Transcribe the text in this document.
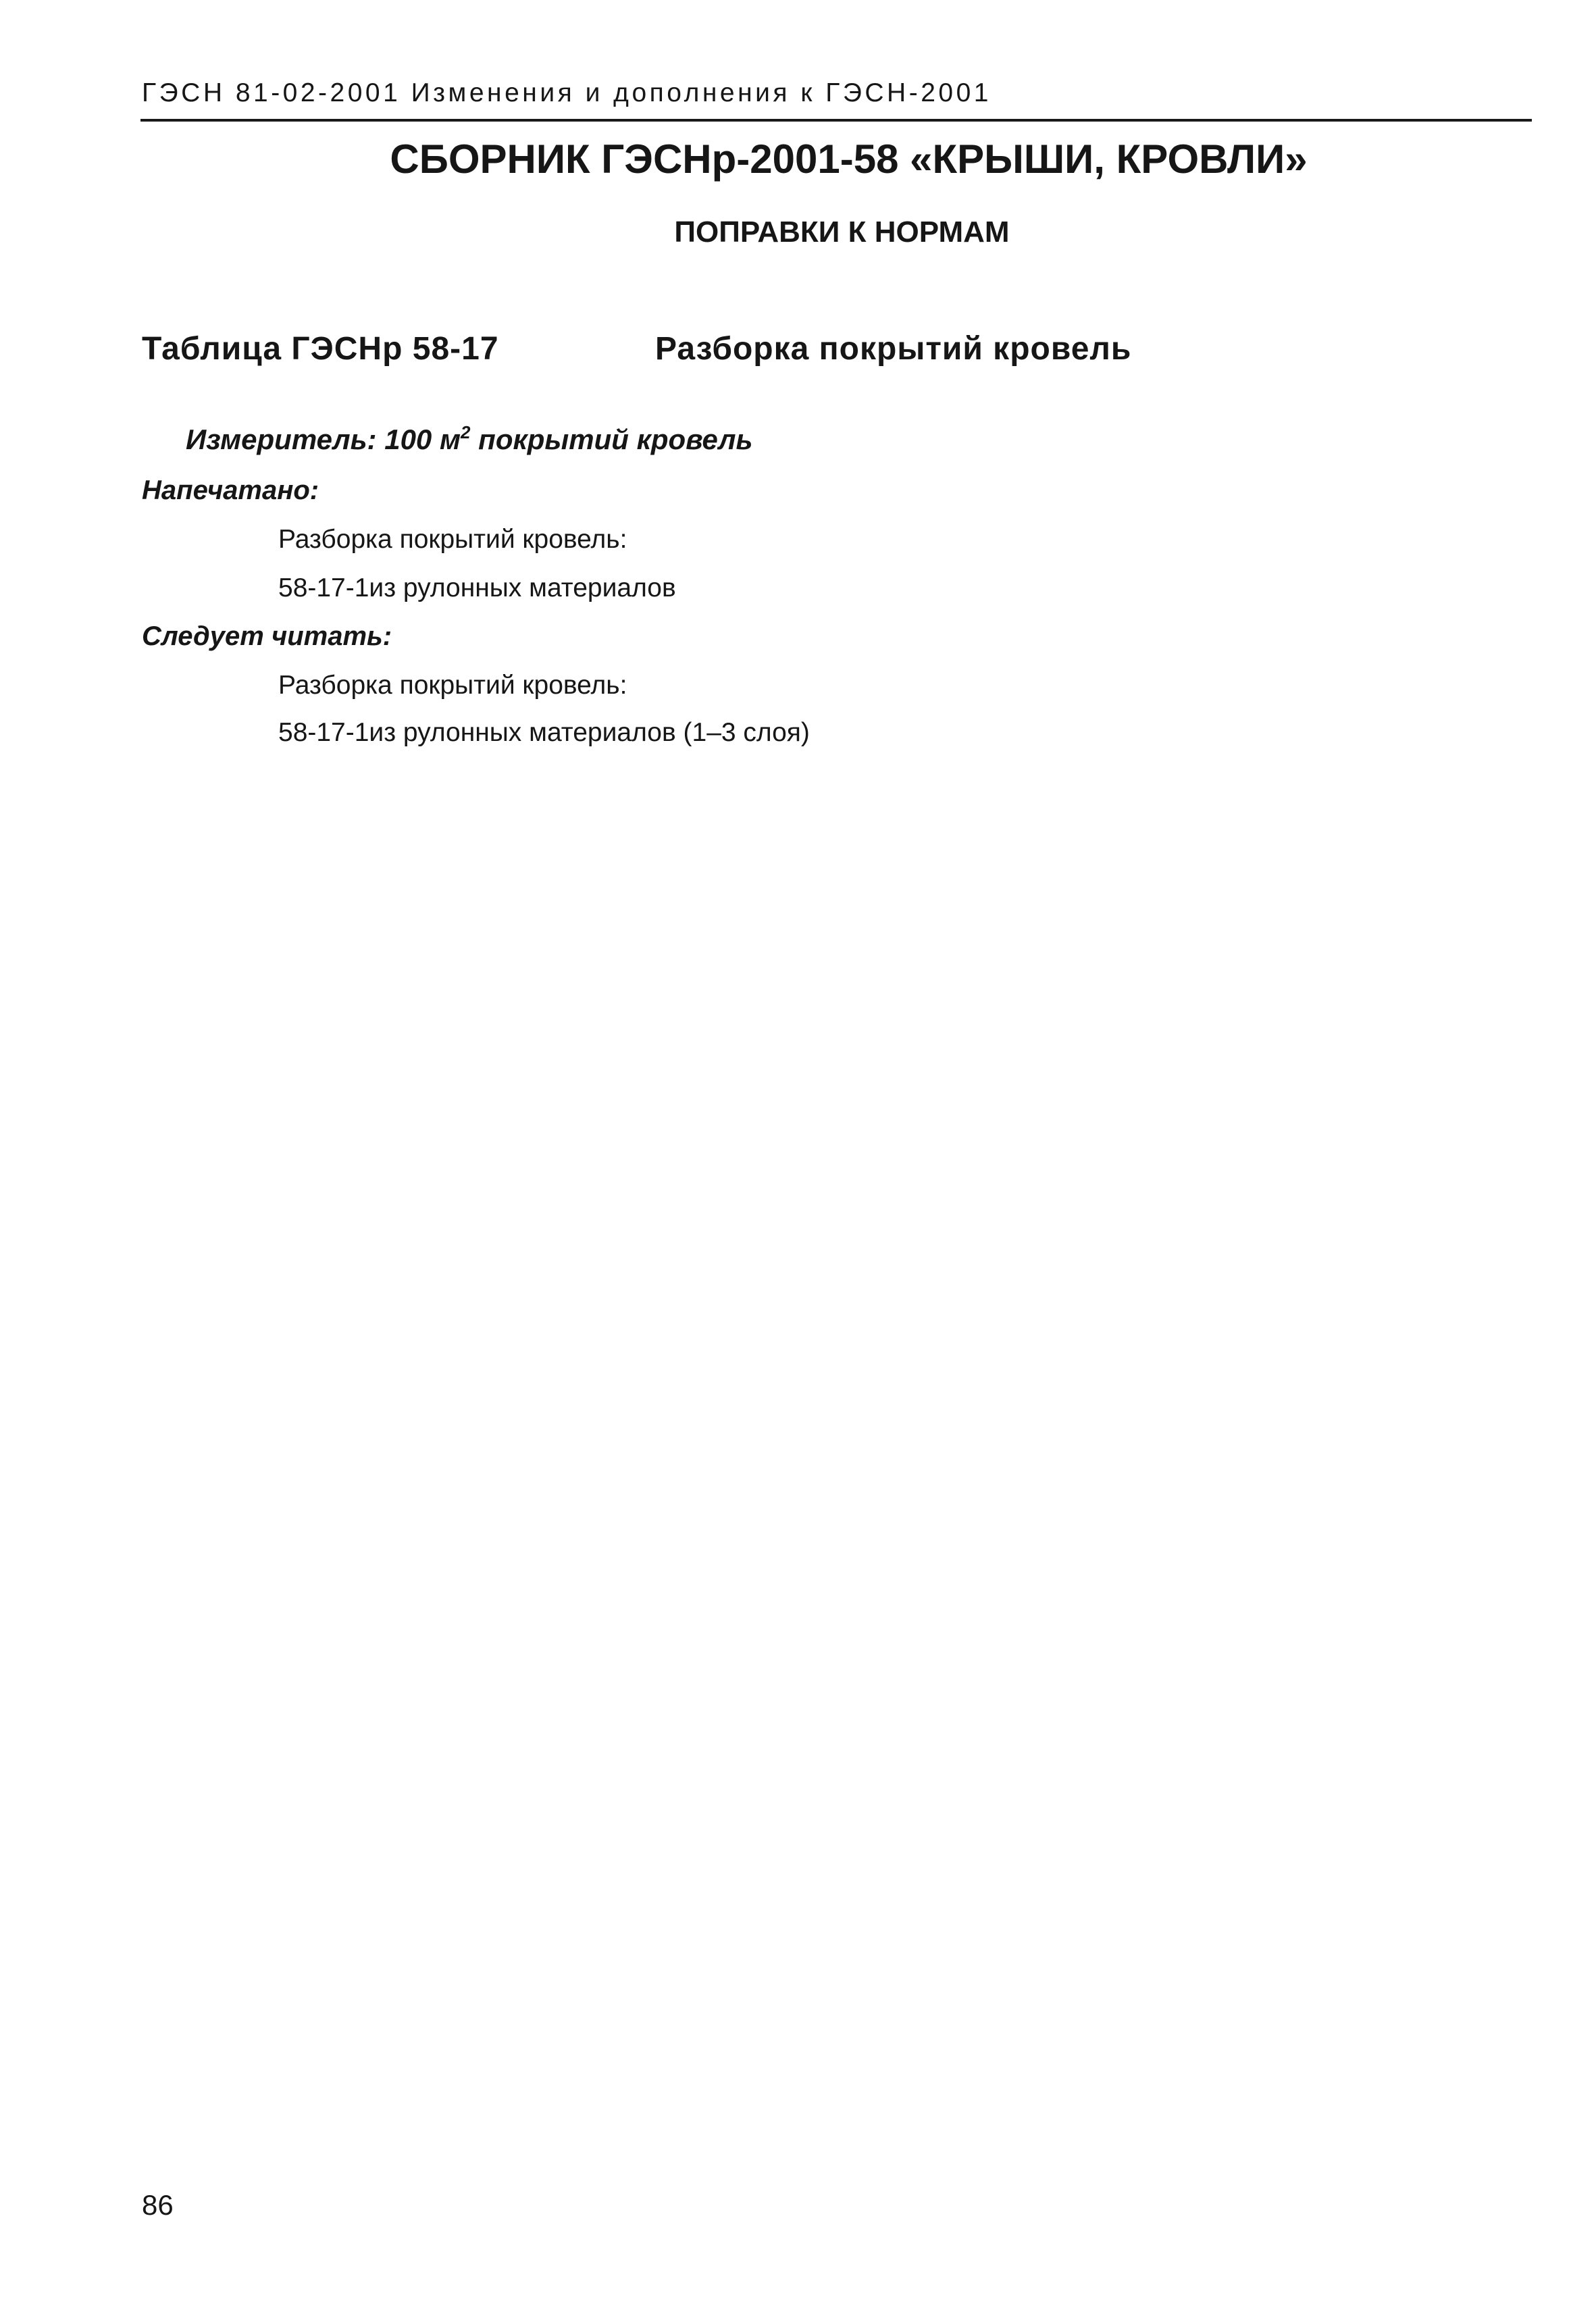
ГЭСН 81-02-2001 Изменения и дополнения к ГЭСН-2001
СБОРНИК ГЭСНр-2001-58 «КРЫШИ, КРОВЛИ»
ПОПРАВКИ К НОРМАМ
Таблица ГЭСНр 58-17	Разборка покрытий кровель
Измеритель: 100 $м^2$ покрытий кровель
Напечатано:
Разборка покрытий кровель:
58-17-1из рулонных материалов
Следует читать:
Разборка покрытий кровель:
58-17-1из рулонных материалов (1–3 слоя)
86
